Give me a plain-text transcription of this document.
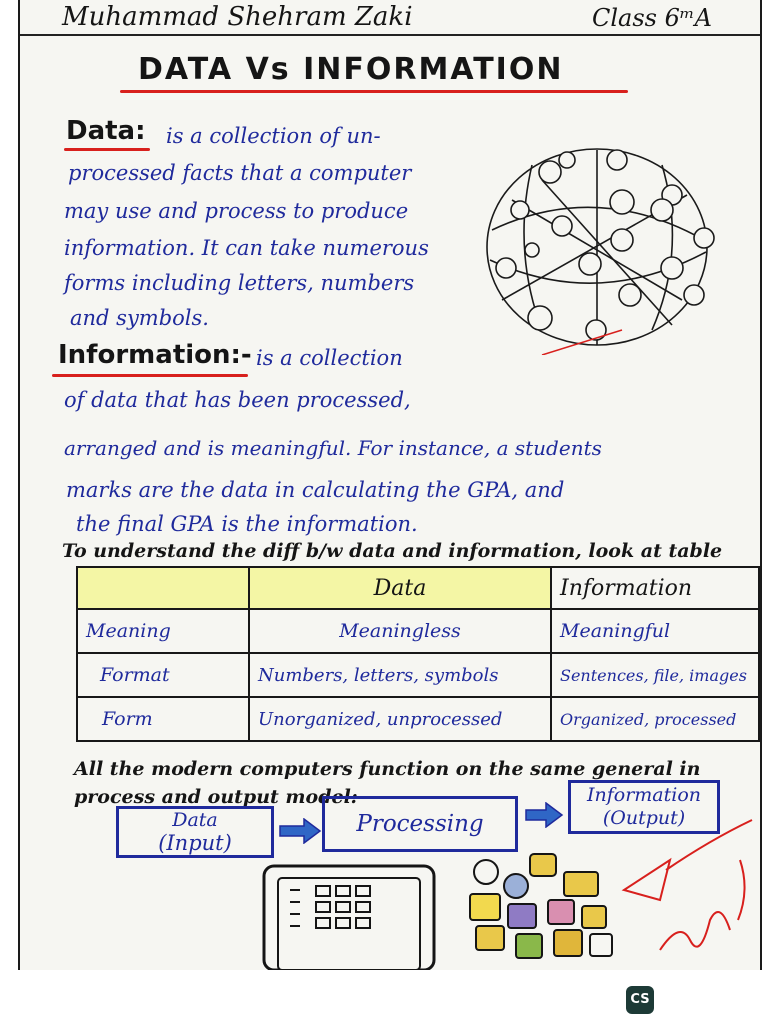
Muhammad Shehram Zaki	Class 6ᵐA
DATA Vs INFORMATION
Data: is a collection of un-
processed facts that a computer
may use and process to produce
information. It can take numerous
forms including letters, numbers
and symbols.
Information:- is a collection
of data that has been processed,
arranged and is meaningful. For instance, a students
marks are the data in calculating the GPA, and
the final GPA is the information.
To understand the diff b/w data and information, look at table
	Data	Information
Meaning	Meaningless	Meaningful
Format	Numbers, letters, symbols	Sentences, file, images
Form	Unorganized, unprocessed	Organized, processed
All the modern computers function on the same general in
process and output model:-
Data
(Input)
Processing
Information
(Output)
CS
